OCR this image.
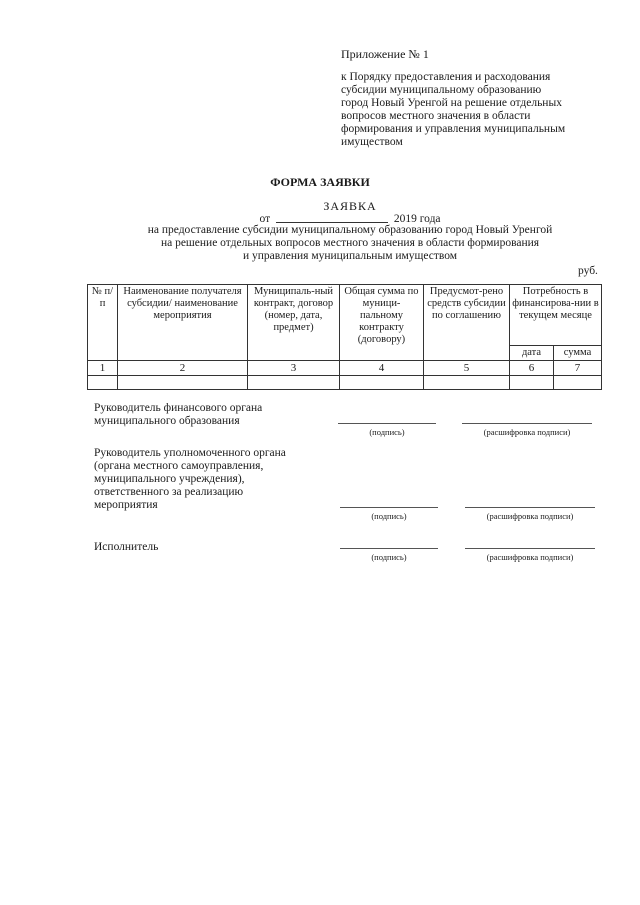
Приложение № 1
к Порядку предоставления и расходования
субсидии муниципальному образованию
город Новый Уренгой на решение отдельных
вопросов местного значения в области
формирования и управления муниципальным
имуществом
ФОРМА ЗАЯВКИ
ЗАЯВКА
от	2019 года
на предоставление субсидии муниципальному образованию город Новый Уренгой
на решение отдельных вопросов местного значения в области формирования
и управления муниципальным имуществом
руб.
№ п/п	Наименование получателя субсидии/ наименование мероприятия	Муниципаль-ный контракт, договор (номер, дата, предмет)	Общая сумма по муници-пальному контракту (договору)	Предусмот-рено средств субсидии по соглашению	Потребность в финансирова-нии в текущем месяце	
					дата	сумма
1	2	3	4	5	6	7

Руководитель финансового органа муниципального образования
(подпись)	(расшифровка подписи)
Руководитель уполномоченного органа (органа местного самоуправления, муниципального учреждения), ответственного за реализацию мероприятия
(подпись)	(расшифровка подписи)
Исполнитель
(подпись)	(расшифровка подписи)
